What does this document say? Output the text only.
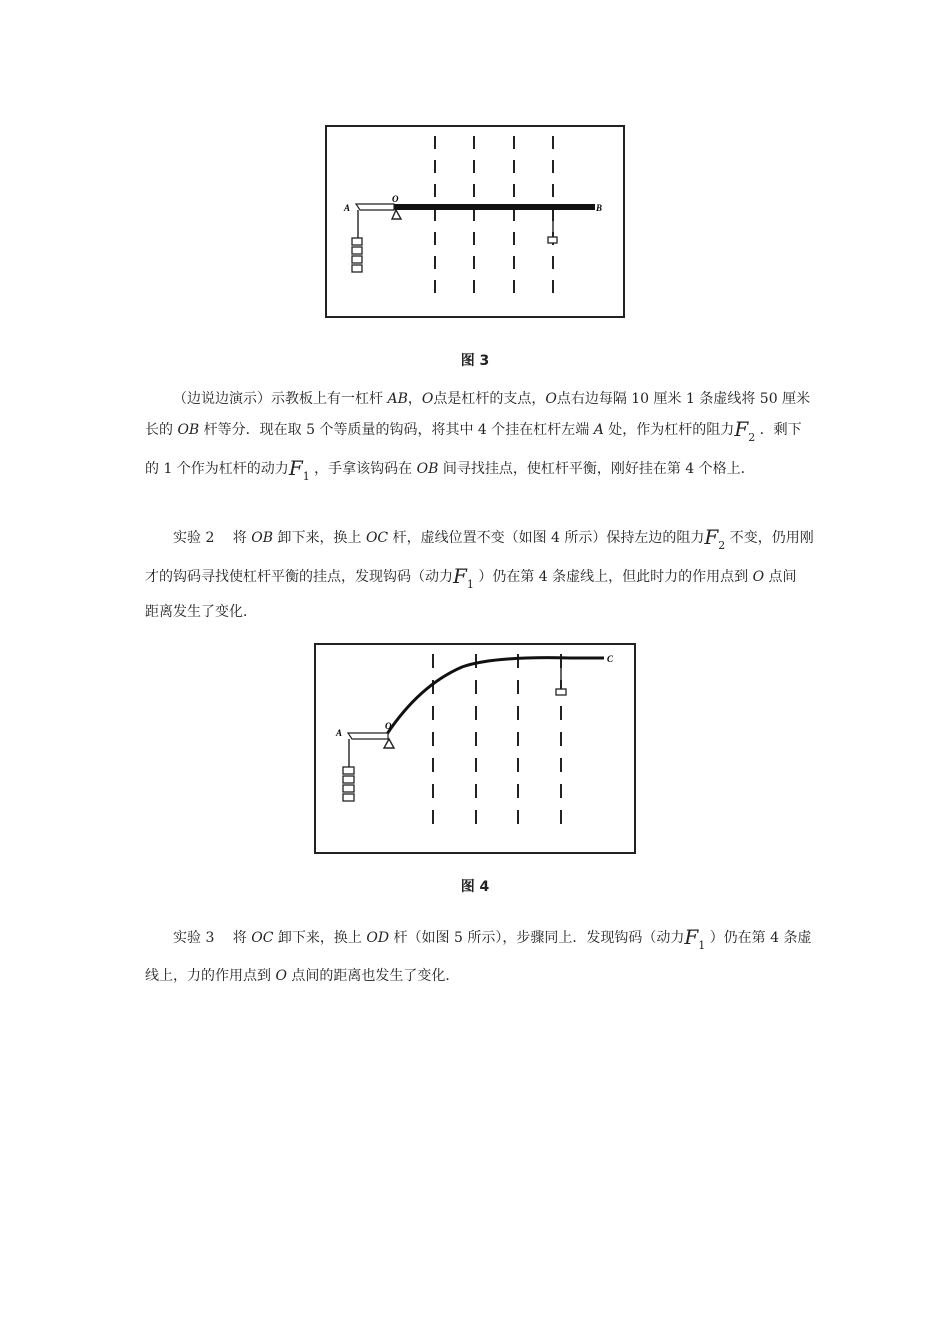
A
O
B
图 3
（边说边演示）示教板上有一杠杆 AB，O点是杠杆的支点，O点右边每隔 10 厘米 1 条虚线将 50 厘米
长的 OB 杆等分．现在取 5 个等质量的钩码，将其中 4 个挂在杠杆左端 A 处，作为杠杆的阻力$F_2$ ．剩下
的 1 个作为杠杆的动力$F_1$ ，手拿该钩码在 OB 间寻找挂点，使杠杆平衡，刚好挂在第 4 个格上．
实验 2　 将 OB 卸下来，换上 OC 杆，虚线位置不变（如图 4 所示）保持左边的阻力$F_2$ 不变，仍用刚
才的钩码寻找使杠杆平衡的挂点，发现钩码（动力$F_1$ ）仍在第 4 条虚线上，但此时力的作用点到 O 点间
距离发生了变化．
A
O
C
图 4
实验 3　 将 OC 卸下来，换上 OD 杆（如图 5 所示），步骤同上．发现钩码（动力$F_1$ ）仍在第 4 条虚
线上，力的作用点到 O 点间的距离也发生了变化．
